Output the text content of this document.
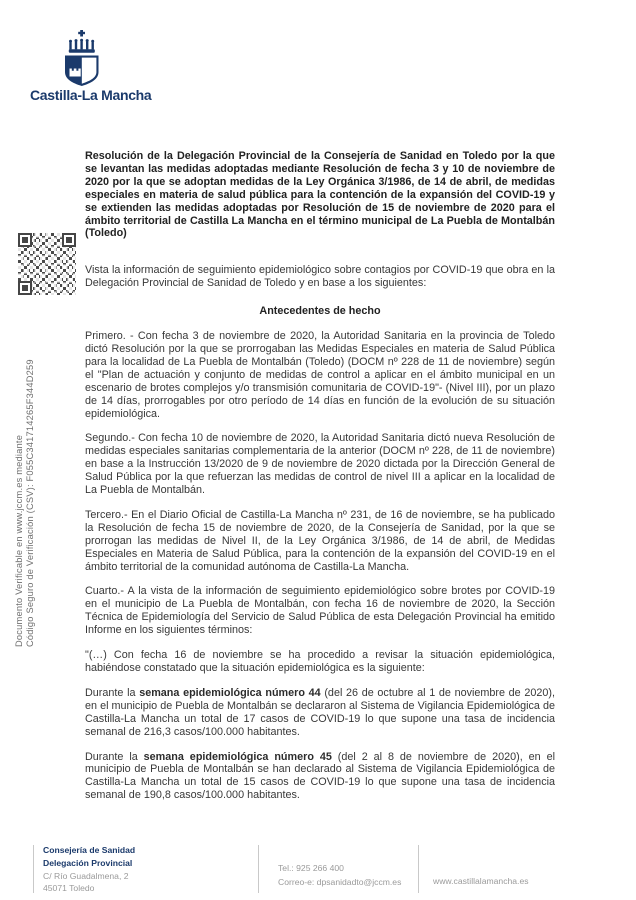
Documento Verificable en www.jccm.es mediante Código Seguro de Verificación (CSV): F055C341714265F344D259
Castilla-La Mancha

Resolución de la Delegación Provincial de la Consejería de Sanidad en Toledo por la que se levantan las medidas adoptadas mediante Resolución de fecha 3 y 10 de noviembre de 2020 por la que se adoptan medidas de la Ley Orgánica 3/1986, de 14 de abril, de medidas especiales en materia de salud pública para la contención de la expansión del COVID-19 y se extienden las medidas adoptadas por Resolución de 15 de noviembre de 2020 para el ámbito territorial de Castilla La Mancha en el término municipal de La Puebla de Montalbán (Toledo)

Vista la información de seguimiento epidemiológico sobre contagios por COVID-19 que obra en la Delegación Provincial de Sanidad de Toledo y en base a los siguientes:

Antecedentes de hecho

Primero. - Con fecha 3 de noviembre de 2020, la Autoridad Sanitaria en la provincia de Toledo dictó Resolución por la que se prorrogaban las Medidas Especiales en materia de Salud Pública para la localidad de La Puebla de Montalbán (Toledo) (DOCM nº 228 de 11 de noviembre) según el "Plan de actuación y conjunto de medidas de control a aplicar en el ámbito municipal en un escenario de brotes complejos y/o transmisión comunitaria de COVID-19"- (Nivel III), por un plazo de 14 días, prorrogables por otro período de 14 días en función de la evolución de su situación epidemiológica.

Segundo.- Con fecha 10 de noviembre de 2020, la Autoridad Sanitaria dictó nueva Resolución de medidas especiales sanitarias complementaria de la anterior (DOCM nº 228, de 11 de noviembre) en base a la Instrucción 13/2020 de 9 de noviembre de 2020 dictada por la Dirección General de Salud Pública por la que refuerzan las medidas de control de nivel III a aplicar en la localidad de La Puebla de Montalbán.

Tercero.- En el Diario Oficial de Castilla-La Mancha nº 231, de 16 de noviembre, se ha publicado la Resolución de fecha 15 de noviembre de 2020, de la Consejería de Sanidad, por la que se prorrogan las medidas de Nivel II, de la Ley Orgánica 3/1986, de 14 de abril, de Medidas Especiales en Materia de Salud Pública, para la contención de la expansión del COVID-19 en el ámbito territorial de la comunidad autónoma de Castilla-La Mancha.

Cuarto.- A la vista de la información de seguimiento epidemiológico sobre brotes por COVID-19 en el municipio de La Puebla de Montalbán, con fecha 16 de noviembre de 2020, la Sección Técnica de Epidemiología del Servicio de Salud Pública de esta Delegación Provincial ha emitido Informe en los siguientes términos:

"(…) Con fecha 16 de noviembre se ha procedido a revisar la situación epidemiológica, habiéndose constatado que la situación epidemiológica es la siguiente:

Durante la semana epidemiológica número 44 (del 26 de octubre al 1 de noviembre de 2020), en el municipio de Puebla de Montalbán se declararon al Sistema de Vigilancia Epidemiológica de Castilla-La Mancha un total de 17 casos de COVID-19 lo que supone una tasa de incidencia semanal de 216,3 casos/100.000 habitantes.

Durante la semana epidemiológica número 45 (del 2 al 8 de noviembre de 2020), en el municipio de Puebla de Montalbán se han declarado al Sistema de Vigilancia Epidemiológica de Castilla-La Mancha un total de 15 casos de COVID-19 lo que supone una tasa de incidencia semanal de 190,8 casos/100.000 habitantes.

Consejería de Sanidad
Delegación Provincial
C/ Río Guadalmena, 2
45071 Toledo
Tel.: 925 266 400
Correo-e: dpsanidadto@jccm.es	www.castillalamancha.es
